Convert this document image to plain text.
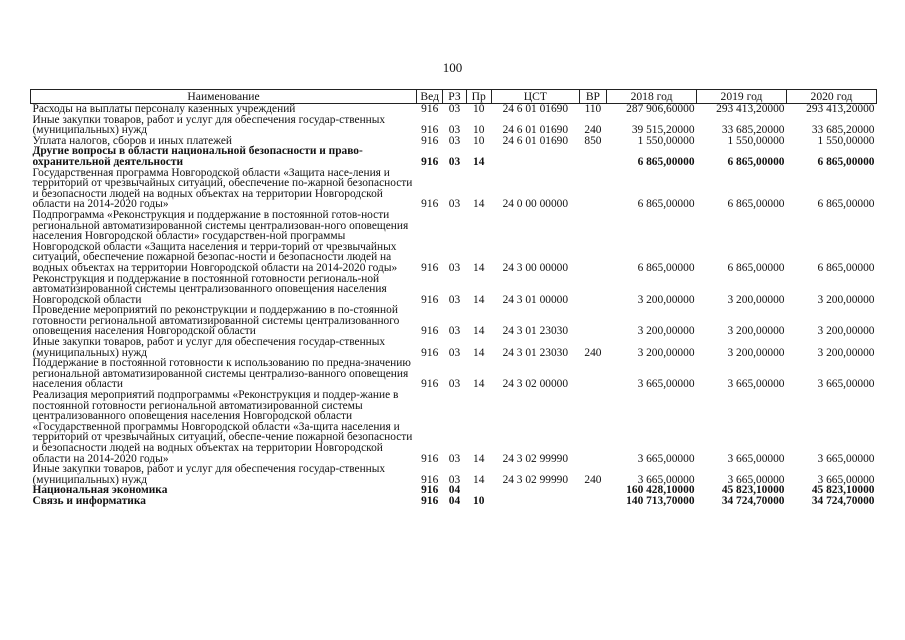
100
Наименование	Вед	РЗ	Пр	ЦСТ	ВР	2018 год	2019 год	2020 год
Расходы на выплаты персоналу казенных учреждений	916	03	10	24 6 01 01690	110	287 906,60000	293 413,20000	293 413,20000
Иные закупки товаров, работ и услуг для обеспечения государ-ственных (муниципальных) нужд	916	03	10	24 6 01 01690	240	39 515,20000	33 685,20000	33 685,20000
Уплата налогов, сборов и иных платежей	916	03	10	24 6 01 01690	850	1 550,00000	1 550,00000	1 550,00000
Другие вопросы в области национальной безопасности и право-охранительной деятельности	916	03	14			6 865,00000	6 865,00000	6 865,00000
Государственная программа Новгородской области «Защита насе-ления и территорий от чрезвычайных ситуаций, обеспечение по-жарной безопасности и безопасности людей на водных объектах на территории Новгородской области на 2014-2020 годы»	916	03	14	24 0 00 00000		6 865,00000	6 865,00000	6 865,00000
Подпрограмма «Реконструкция и поддержание в постоянной готов-ности региональной автоматизированной системы централизован-ного оповещения населения Новгородской области» государствен-ной программы Новгородской области «Защита населения и терри-торий от чрезвычайных ситуаций, обеспечение пожарной безопас-ности и безопасности людей на водных объектах на территории Новгородской области на 2014-2020 годы»	916	03	14	24 3 00 00000		6 865,00000	6 865,00000	6 865,00000
Реконструкция и поддержание в постоянной готовности региональ-ной автоматизированной системы централизованного оповещения населения Новгородской области	916	03	14	24 3 01 00000		3 200,00000	3 200,00000	3 200,00000
Проведение мероприятий по реконструкции и поддержанию в по-стоянной готовности региональной автоматизированной системы централизованного оповещения населения Новгородской области	916	03	14	24 3 01 23030		3 200,00000	3 200,00000	3 200,00000
Иные закупки товаров, работ и услуг для обеспечения государ-ственных (муниципальных) нужд	916	03	14	24 3 01 23030	240	3 200,00000	3 200,00000	3 200,00000
Поддержание в постоянной готовности к использованию по предна-значению региональной автоматизированной системы централизо-ванного оповещения населения области	916	03	14	24 3 02 00000		3 665,00000	3 665,00000	3 665,00000
Реализация мероприятий подпрограммы «Реконструкция и поддер-жание в постоянной готовности региональной автоматизированной системы централизованного оповещения населения Новгородской области «Государственной программы Новгородской области «За-щита населения и территорий от чрезвычайных ситуаций, обеспе-чение пожарной безопасности и безопасности людей на водных объектах на территории Новгородской области на 2014-2020 годы»	916	03	14	24 3 02 99990		3 665,00000	3 665,00000	3 665,00000
Иные закупки товаров, работ и услуг для обеспечения государ-ственных (муниципальных) нужд	916	03	14	24 3 02 99990	240	3 665,00000	3 665,00000	3 665,00000
Национальная экономика	916	04				160 428,10000	45 823,10000	45 823,10000
Связь и информатика	916	04	10			140 713,70000	34 724,70000	34 724,70000
